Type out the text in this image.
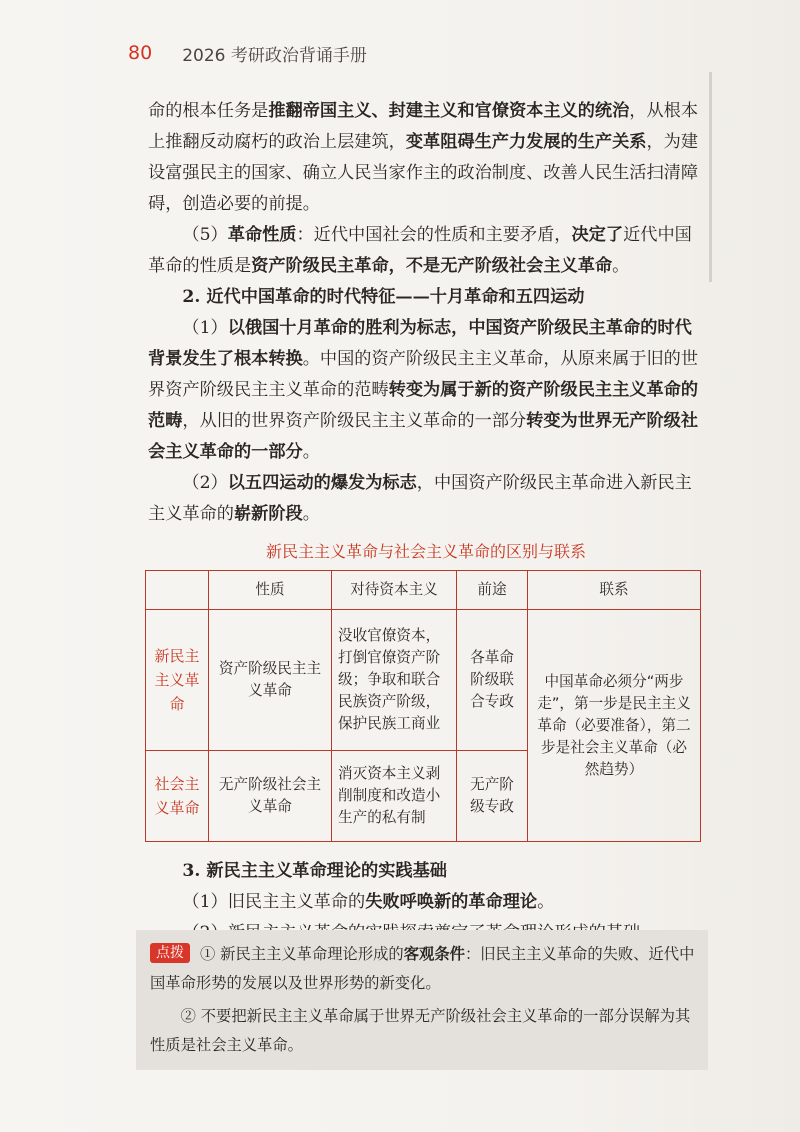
80 2026 考研政治背诵手册

命的根本任务是推翻帝国主义、封建主义和官僚资本主义的统治，从根本上推翻反动腐朽的政治上层建筑，变革阻碍生产力发展的生产关系，为建设富强民主的国家、确立人民当家作主的政治制度、改善人民生活扫清障碍，创造必要的前提。

（5）革命性质：近代中国社会的性质和主要矛盾，决定了近代中国革命的性质是资产阶级民主革命，不是无产阶级社会主义革命。

2. 近代中国革命的时代特征——十月革命和五四运动

（1）以俄国十月革命的胜利为标志，中国资产阶级民主革命的时代背景发生了根本转换。中国的资产阶级民主主义革命，从原来属于旧的世界资产阶级民主主义革命的范畴转变为属于新的资产阶级民主主义革命的范畴，从旧的世界资产阶级民主主义革命的一部分转变为世界无产阶级社会主义革命的一部分。

（2）以五四运动的爆发为标志，中国资产阶级民主革命进入新民主主义革命的崭新阶段。

新民主主义革命与社会主义革命的区别与联系
	性质	对待资本主义	前途	联系
新民主主义革命	资产阶级民主主义革命	没收官僚资本，打倒官僚资产阶级；争取和联合民族资产阶级，保护民族工商业	各革命阶级联合专政	中国革命必须分“两步走”，第一步是民主主义革命（必要准备），第二步是社会主义革命（必然趋势）
社会主义革命	无产阶级社会主义革命	消灭资本主义剥削制度和改造小生产的私有制	无产阶级专政	

3. 新民主主义革命理论的实践基础

（1）旧民主主义革命的失败呼唤新的革命理论。

点拨 ① 新民主主义革命理论形成的客观条件：旧民主主义革命的失败、近代中国革命形势的发展以及世界形势的新变化。

② 不要把新民主主义革命属于世界无产阶级社会主义革命的一部分误解为其性质是社会主义革命。
